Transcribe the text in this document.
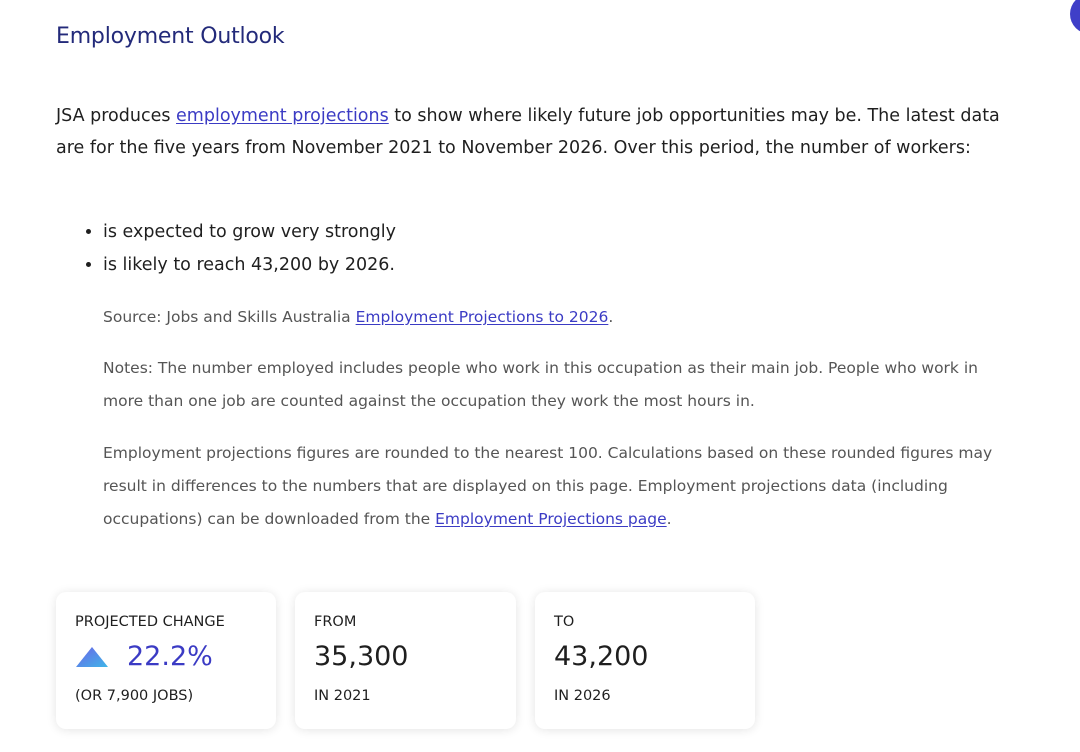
Employment Outlook

JSA produces employment projections to show where likely future job opportunities may be. The latest data are for the five years from November 2021 to November 2026. Over this period, the number of workers:

• is expected to grow very strongly
• is likely to reach 43,200 by 2026.

Source: Jobs and Skills Australia Employment Projections to 2026.

Notes: The number employed includes people who work in this occupation as their main job. People who work in more than one job are counted against the occupation they work the most hours in.

Employment projections figures are rounded to the nearest 100. Calculations based on these rounded figures may result in differences to the numbers that are displayed on this page. Employment projections data (including occupations) can be downloaded from the Employment Projections page.

PROJECTED CHANGE
22.2%
(OR 7,900 JOBS)
FROM
35,300
IN 2021
TO
43,200
IN 2026
